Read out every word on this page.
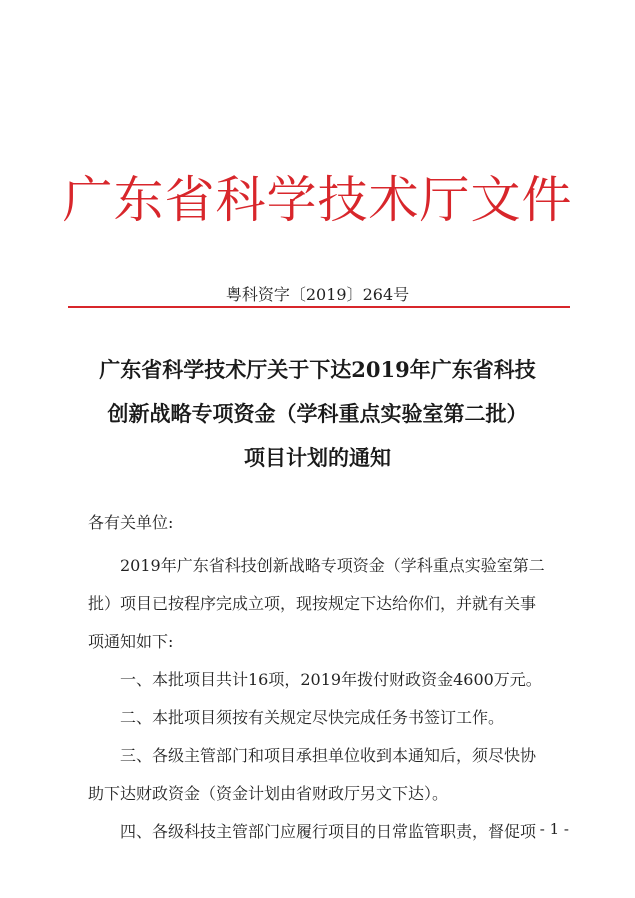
广东省科学技术厅文件
粤科资字〔2019〕264号
广东省科学技术厅关于下达2019年广东省科技
创新战略专项资金（学科重点实验室第二批）
项目计划的通知
各有关单位:
2019年广东省科技创新战略专项资金（学科重点实验室第二
批）项目已按程序完成立项，现按规定下达给你们，并就有关事
项通知如下:
一、本批项目共计16项，2019年拨付财政资金4600万元。
二、本批项目须按有关规定尽快完成任务书签订工作。
三、各级主管部门和项目承担单位收到本通知后，须尽快协
助下达财政资金（资金计划由省财政厅另文下达）。
四、各级科技主管部门应履行项目的日常监管职责，督促项 - 1 -
